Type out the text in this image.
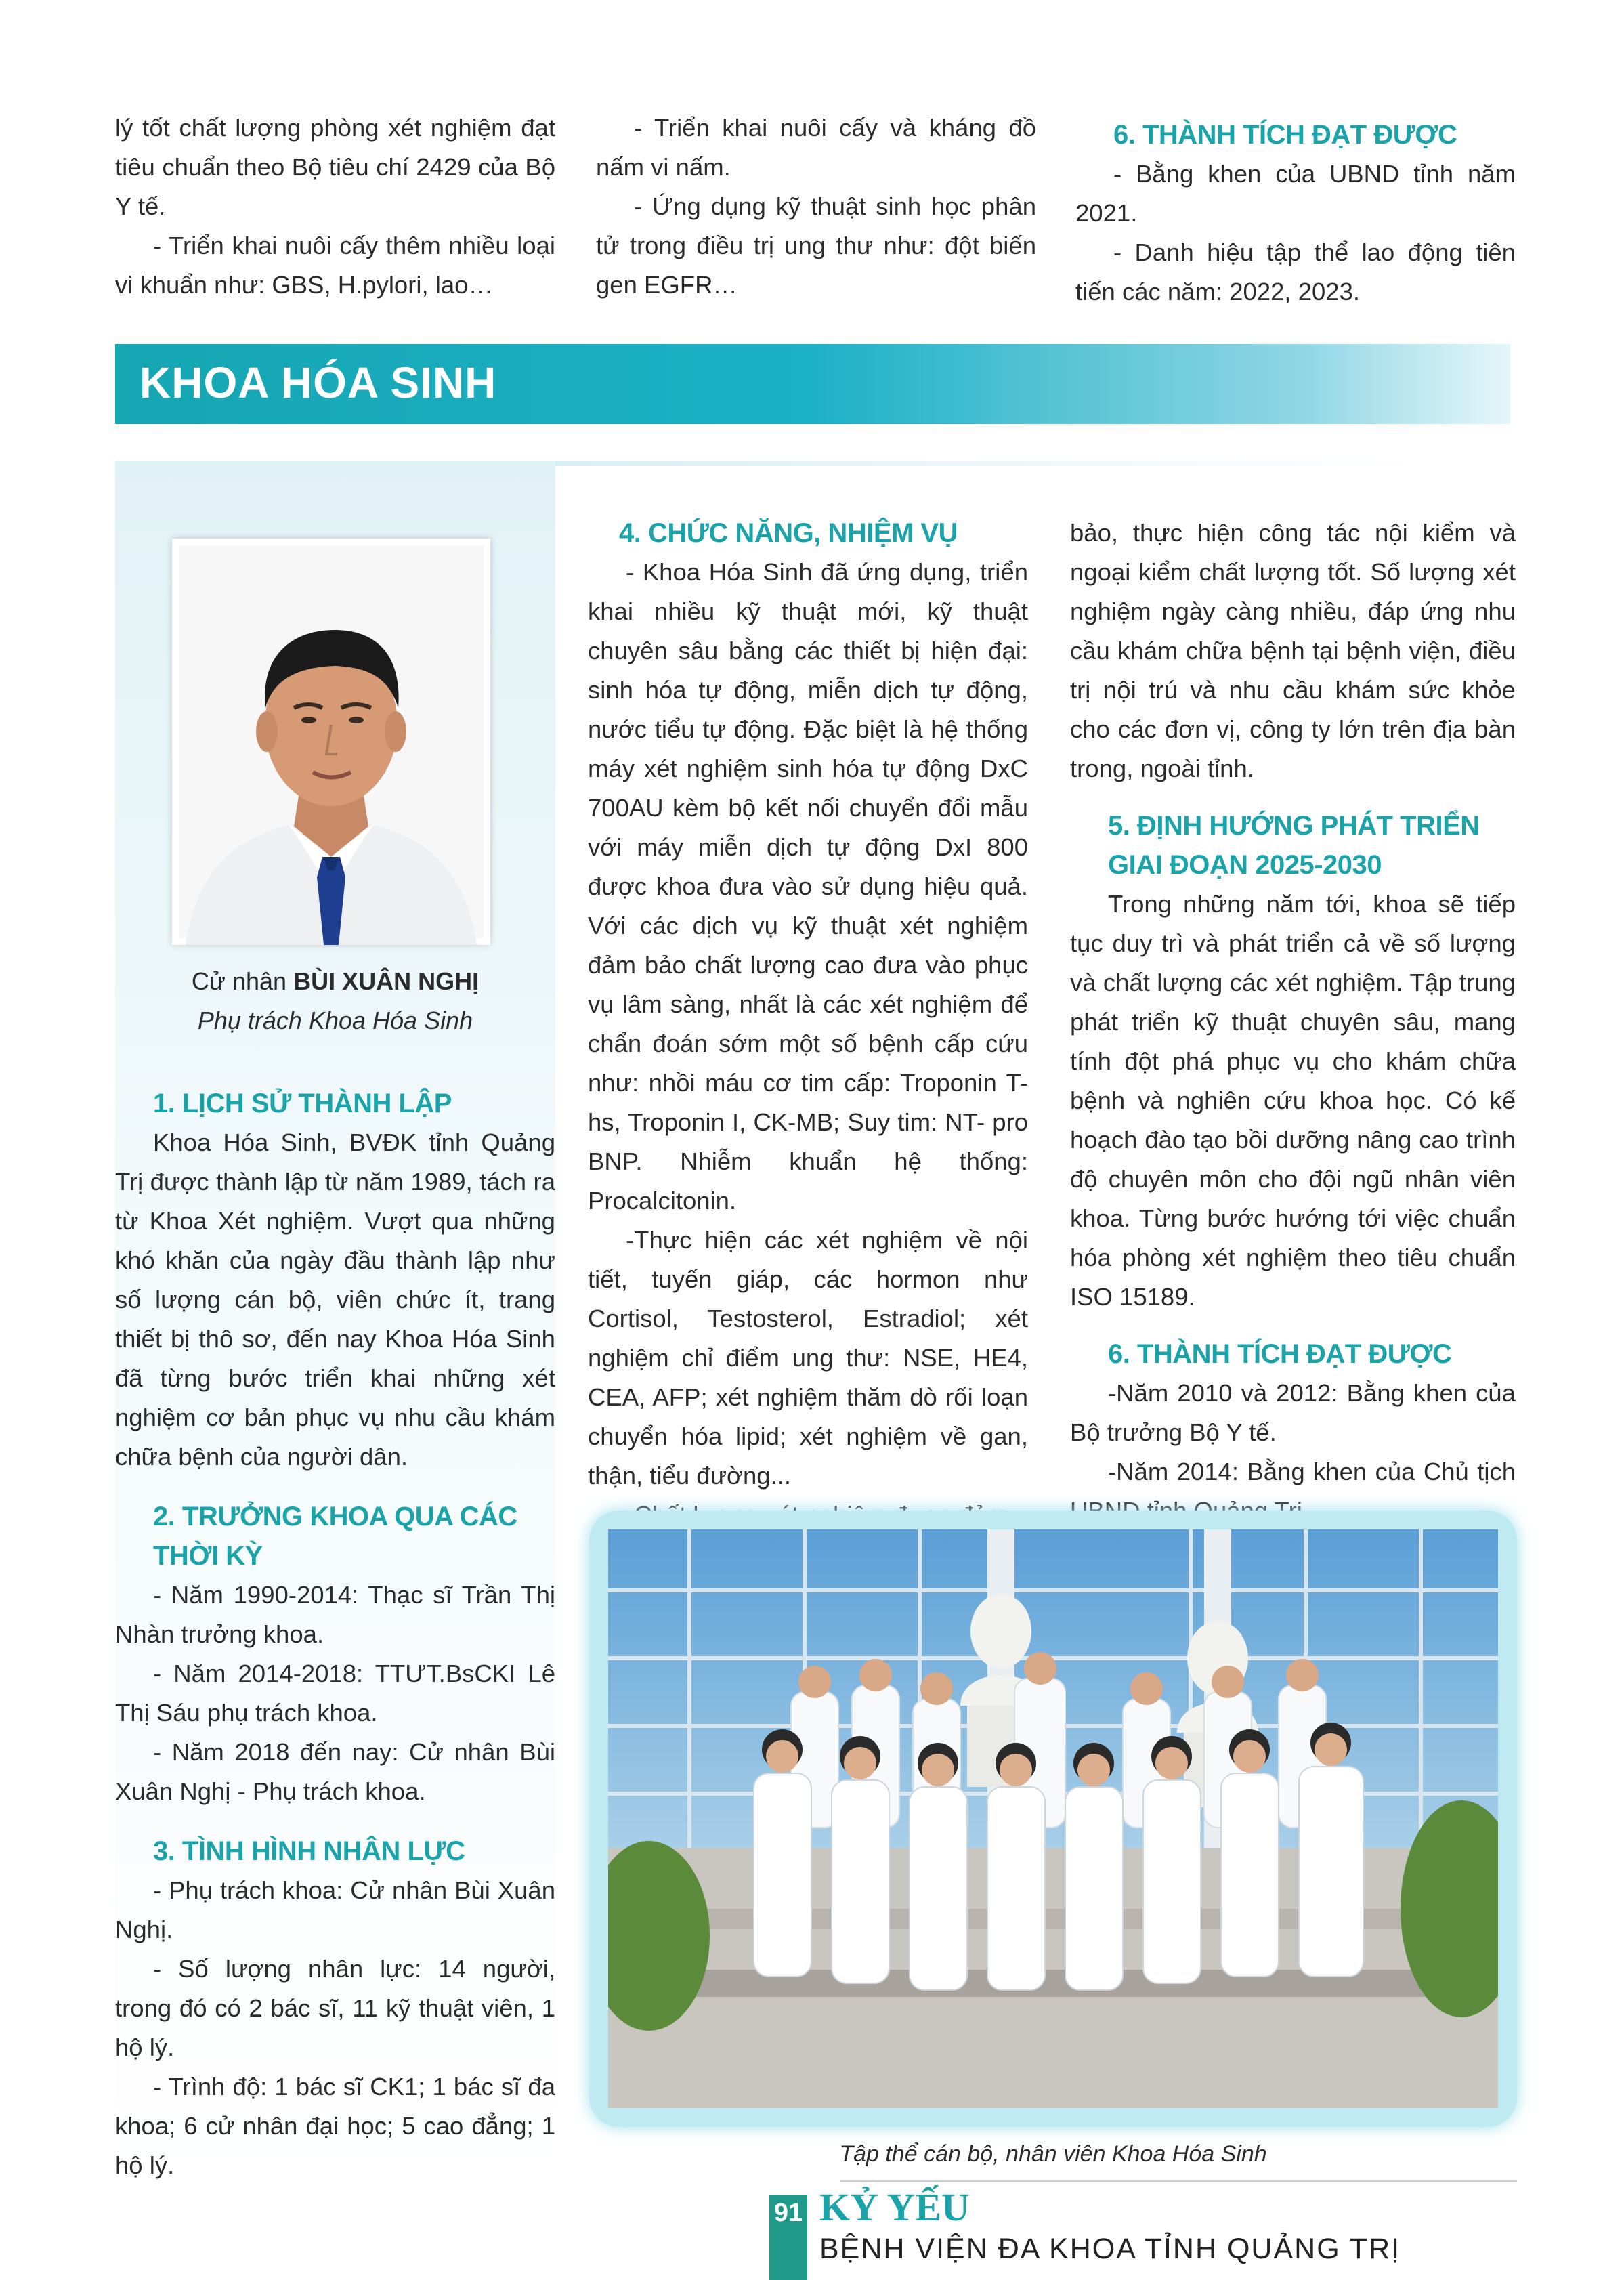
lý tốt chất lượng phòng xét nghiệm đạt tiêu chuẩn theo Bộ tiêu chí 2429 của Bộ Y tế.

- Triển khai nuôi cấy thêm nhiều loại vi khuẩn như: GBS, H.pylori, lao…

- Triển khai nuôi cấy và kháng đồ nấm vi nấm.

- Ứng dụng kỹ thuật sinh học phân tử trong điều trị ung thư như: đột biến gen EGFR…

6. THÀNH TÍCH ĐẠT ĐƯỢC

- Bằng khen của UBND tỉnh năm 2021.

- Danh hiệu tập thể lao động tiên tiến các năm: 2022, 2023.

KHOA HÓA SINH
Cử nhân BÙI XUÂN NGHỊ
Phụ trách Khoa Hóa Sinh
1. LỊCH SỬ THÀNH LẬP

Khoa Hóa Sinh, BVĐK tỉnh Quảng Trị được thành lập từ năm 1989, tách ra từ Khoa Xét nghiệm. Vượt qua những khó khăn của ngày đầu thành lập như số lượng cán bộ, viên chức ít, trang thiết bị thô sơ, đến nay Khoa Hóa Sinh đã từng bước triển khai những xét nghiệm cơ bản phục vụ nhu cầu khám chữa bệnh của người dân.

2. TRƯỞNG KHOA QUA CÁC THỜI KỲ

- Năm 1990-2014: Thạc sĩ Trần Thị Nhàn trưởng khoa.

- Năm 2014-2018: TTƯT.BsCKI Lê Thị Sáu phụ trách khoa.

- Năm 2018 đến nay: Cử nhân Bùi Xuân Nghị - Phụ trách khoa.

3. TÌNH HÌNH NHÂN LỰC

- Phụ trách khoa: Cử nhân Bùi Xuân Nghị.

- Số lượng nhân lực: 14 người, trong đó có 2 bác sĩ, 11 kỹ thuật viên, 1 hộ lý.

- Trình độ: 1 bác sĩ CK1; 1 bác sĩ đa khoa; 6 cử nhân đại học; 5 cao đẳng; 1 hộ lý.

4. CHỨC NĂNG, NHIỆM VỤ

- Khoa Hóa Sinh đã ứng dụng, triển khai nhiều kỹ thuật mới, kỹ thuật chuyên sâu bằng các thiết bị hiện đại: sinh hóa tự động, miễn dịch tự động, nước tiểu tự động. Đặc biệt là hệ thống máy xét nghiệm sinh hóa tự động DxC 700AU kèm bộ kết nối chuyển đổi mẫu với máy miễn dịch tự động DxI 800 được khoa đưa vào sử dụng hiệu quả. Với các dịch vụ kỹ thuật xét nghiệm đảm bảo chất lượng cao đưa vào phục vụ lâm sàng, nhất là các xét nghiệm để chẩn đoán sớm một số bệnh cấp cứu như: nhồi máu cơ tim cấp: Troponin T-hs, Troponin I, CK-MB; Suy tim: NT- pro BNP. Nhiễm khuẩn hệ thống: Procalcitonin.

-Thực hiện các xét nghiệm về nội tiết, tuyến giáp, các hormon như Cortisol, Testosterol, Estradiol; xét nghiệm chỉ điểm ung thư: NSE, HE4, CEA, AFP; xét nghiệm thăm dò rối loạn chuyển hóa lipid; xét nghiệm về gan, thận, tiểu đường...

bảo, thực hiện công tác nội kiểm và ngoại kiểm chất lượng tốt. Số lượng xét nghiệm ngày càng nhiều, đáp ứng nhu cầu khám chữa bệnh tại bệnh viện, điều trị nội trú và nhu cầu khám sức khỏe cho các đơn vị, công ty lớn trên địa bàn trong, ngoài tỉnh.

5. ĐỊNH HƯỚNG PHÁT TRIỂN GIAI ĐOẠN 2025-2030

Trong những năm tới, khoa sẽ tiếp tục duy trì và phát triển cả về số lượng và chất lượng các xét nghiệm. Tập trung phát triển kỹ thuật chuyên sâu, mang tính đột phá phục vụ cho khám chữa bệnh và nghiên cứu khoa học. Có kế hoạch đào tạo bồi dưỡng nâng cao trình độ chuyên môn cho đội ngũ nhân viên khoa. Từng bước hướng tới việc chuẩn hóa phòng xét nghiệm theo tiêu chuẩn ISO 15189.

6. THÀNH TÍCH ĐẠT ĐƯỢC

-Năm 2010 và 2012: Bằng khen của Bộ trưởng Bộ Y tế.

-Năm 2014: Bằng khen của Chủ tịch

Tập thể cán bộ, nhân viên Khoa Hóa Sinh
91 KỶ YẾU
BỆNH VIỆN ĐA KHOA TỈNH QUẢNG TRỊ
